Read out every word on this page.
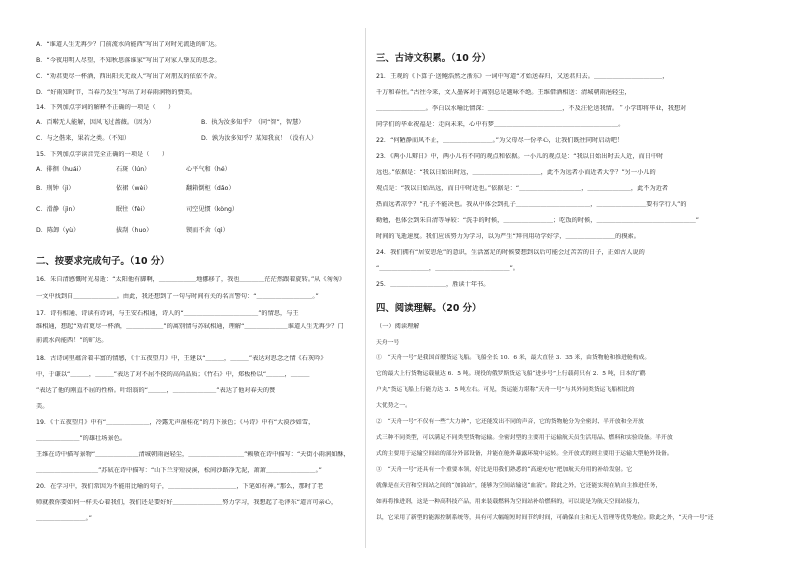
A．“谁道人生无再少？门前流水尚能西”写出了对时光流逝的旷达。
B．“今夜用明人尽望，不知秋思落谁家”写出了对家人挚友的思念。
C．“劝君更尽一杯酒，西出阳关无故人”写出了对朋友的依依不舍。
D．“好雨知时节，当春乃发生”写出了对春雨润物的赞美。
14．下列加点字词的解释不正确的一项是（　　）
A．百啭无人能解，因风飞过蔷薇。（因为）	B．执为汝多知乎？（同“智”，智慧）
C．与之偕来，果若之类。（不知）	D．孰为汝多知乎？某知我哀！（没有人）
15．下列加点字读音完全正确的一项是（　　）
A．徘徊（huái）	石斑（lún）	心平气和（hé）
B．刑钟（jì）	依裙（wèi）	翻箱倒柜（dǎo）
C．滑静（jìn）	眠往（fèi）	司空见惯（kòng）
D．陈卸（yù）	拔刮（huo）	锲而不舍（qì）
二、按要求完成句子。（10 分）
16．朱自清感慨时光易逝：“太阳他有脚啊，＿＿＿＿＿＿地挪移了，我也＿＿＿＿茫茫然跟着旋转。”从《匆匆》
一文中找到自＿＿＿＿＿＿＿。由此，我还想到了一句与时间有关的名言警句：“＿＿＿＿＿＿＿＿＿。”
17．诗有相通、诗读有诗词，与王安石相通，诗人的“＿＿＿＿＿＿＿＿＿＿＿＿”的情思，与王
维相通，想起“劝君更尽一杯酒，＿＿＿＿＿＿”的离别情与苏轼相通，理解“＿＿＿＿＿＿＿谁道人生无再少？门
前流水尚能西！”的旷达。
18．古诗词里蕴含着丰富的情感，《十五夜望月》中，王建以“＿＿＿，＿＿＿”表达对思念之情《石灰吟》
中，于谦以“＿＿＿，＿＿＿”表达了对不屈不挠的高尚品质；《竹石》中，郑板桥以“＿＿＿，＿＿＿
”表达了他的刚直不屈的性格。叶绍翁的“＿＿＿，＿＿＿＿＿＿＿”表达了他对春天的赞
美。
19．《十五夜望月》中有“＿＿＿＿＿＿＿，冷露无声湿桂花”的月下景色；《马诗》中有“大漠沙如雪，
＿＿＿＿＿＿＿”的雄壮场景色。
王维在诗中描写景物“＿＿＿＿＿＿＿清城朝雨浥轻尘，＿＿＿＿＿＿＿＿＿”赖敬在诗中描写：“天街小雨润如酥，
＿＿＿＿＿＿＿＿＿＿”苏轼在诗中描写：“山下兰芽短浸溪，松间沙路净无泥，萧萧＿＿＿＿＿＿＿＿。”
20．在学习中，我们常因为不能用比喻的句子，＿＿＿＿＿＿＿＿＿＿＿，下笔如有神。”那么，那时了老
师就教你要如何一样关心着我们，我们还是要好好＿＿＿＿＿＿＿＿努力学习，我想起了毛泽东“道言可亲心，
＿＿＿＿＿＿＿＿。”
三、古诗文积累。（10 分）
21．王观的《卜算子·送鲍浩然之浙东》一词中写道“才始送春归，又送君归去。＿＿＿＿＿＿＿＿＿＿＿，
千万和春住。”古往今来，文人墨客对于离别总是题咏不绝。王维借酒相送：清城朝雨浥轻尘，
＿＿＿＿＿＿＿＿。李白以水喻比情深：＿＿＿＿＿＿＿＿＿＿＿＿，不及汪伦送我情。＂小学即将毕业，我想对
同学们的毕业祝福是：走向未来，心中有梦＿＿＿＿＿＿＿＿＿＿＿＿＿＿＿＿＿＿＿＿。
22．“何陋静而风不止，＿＿＿＿＿＿＿＿。”为父母尽一份孝心，让我们既往同时启动吧！
23．《两小儿辩日》中，两小儿有不同的观点和依据。一小儿的观点是：“我以日始出时去人近，而日中时
远也。”依据是：“我以日始出时远，＿＿＿＿＿＿＿＿＿＿＿，此不为远者小而近者大乎？”另一小儿的
观点是：“我以日始出远，而日中时近也。”依据是：“＿＿＿＿＿＿＿＿＿＿，＿＿＿＿＿＿＿，此不为近者
热而远者凉乎？”孔子不能决也。我从中体会到孔子＿＿＿＿＿＿＿＿＿＿＿＿，＿＿＿＿＿＿＿＿要有学行人”的
勤勉，也体会到朱自清等导较：“洗手的时候，＿＿＿＿＿＿＿＿；吃饭的时候，＿＿＿＿＿＿＿＿＿＿＿＿＿＿＿＿”
时间的飞逝速度。我们应该努力为学习，以为严生“拜刊用功学好学，＿＿＿＿＿＿＿＿的摸索。
24．我们拥有“居安思危”的意识，生活富足的时候要想到以后可能会过苦苦的日子，正如古人说的
“＿＿＿＿＿＿＿＿，＿＿＿＿＿＿＿＿＿＿＿＿”。
25．＿＿＿＿＿＿＿＿＿，胜读十年书。
四、阅读理解。（20 分）
（一）阅读理解
天舟一号
①　“天舟一号”是我国首艘货运飞船。飞船全长 10．6 米，最大直径 3．35 米，由货物舱和推进舱构成。
它的最大上行货物运载量达 6．5 吨。现役的俄罗斯货运飞船“进步号”上行载荷只有 2．5 吨，日本的“鹳
户丸”货运飞船上行能力达 3．5 吨左右。可见，货运能力堪称“天舟一号”与其外同类货运飞船相比的
大优势之一。
②　“天舟一号”不仅有一些“大力神”，它还能发出不同的声音，它的货物舱分为全密封、半开放和全开放
式三种不同类型，可以满足不同类型货物运输。全密封型的主要用于运输航天员生活用品、燃料和实验设备。半开放
式的主要用于运输空间站的部分外部设备，并能在舱外暴露环境中运转。全开放式的则主要用于运输大型舱外设备。
③　“天舟一号”还具有一个重要本领，好比是用我们熟悉的“高速充电”把加航天舟用的补给发射。它
就像是在天宫和空间站之间的“加油站”，能够为空间站输送“血液”。除此之外，它还能实现在轨自主推进任务，
如再将推进剂，这是一种高科技产品，用来装载燃料为空间站补给燃料的，可以说是为航天空间站接力，
以，它采用了新型的能源控制系统等，具有可大幅缩短时间节约时间，可确保自主和无人管理等优势地位。除此之外，“天舟一号”还
